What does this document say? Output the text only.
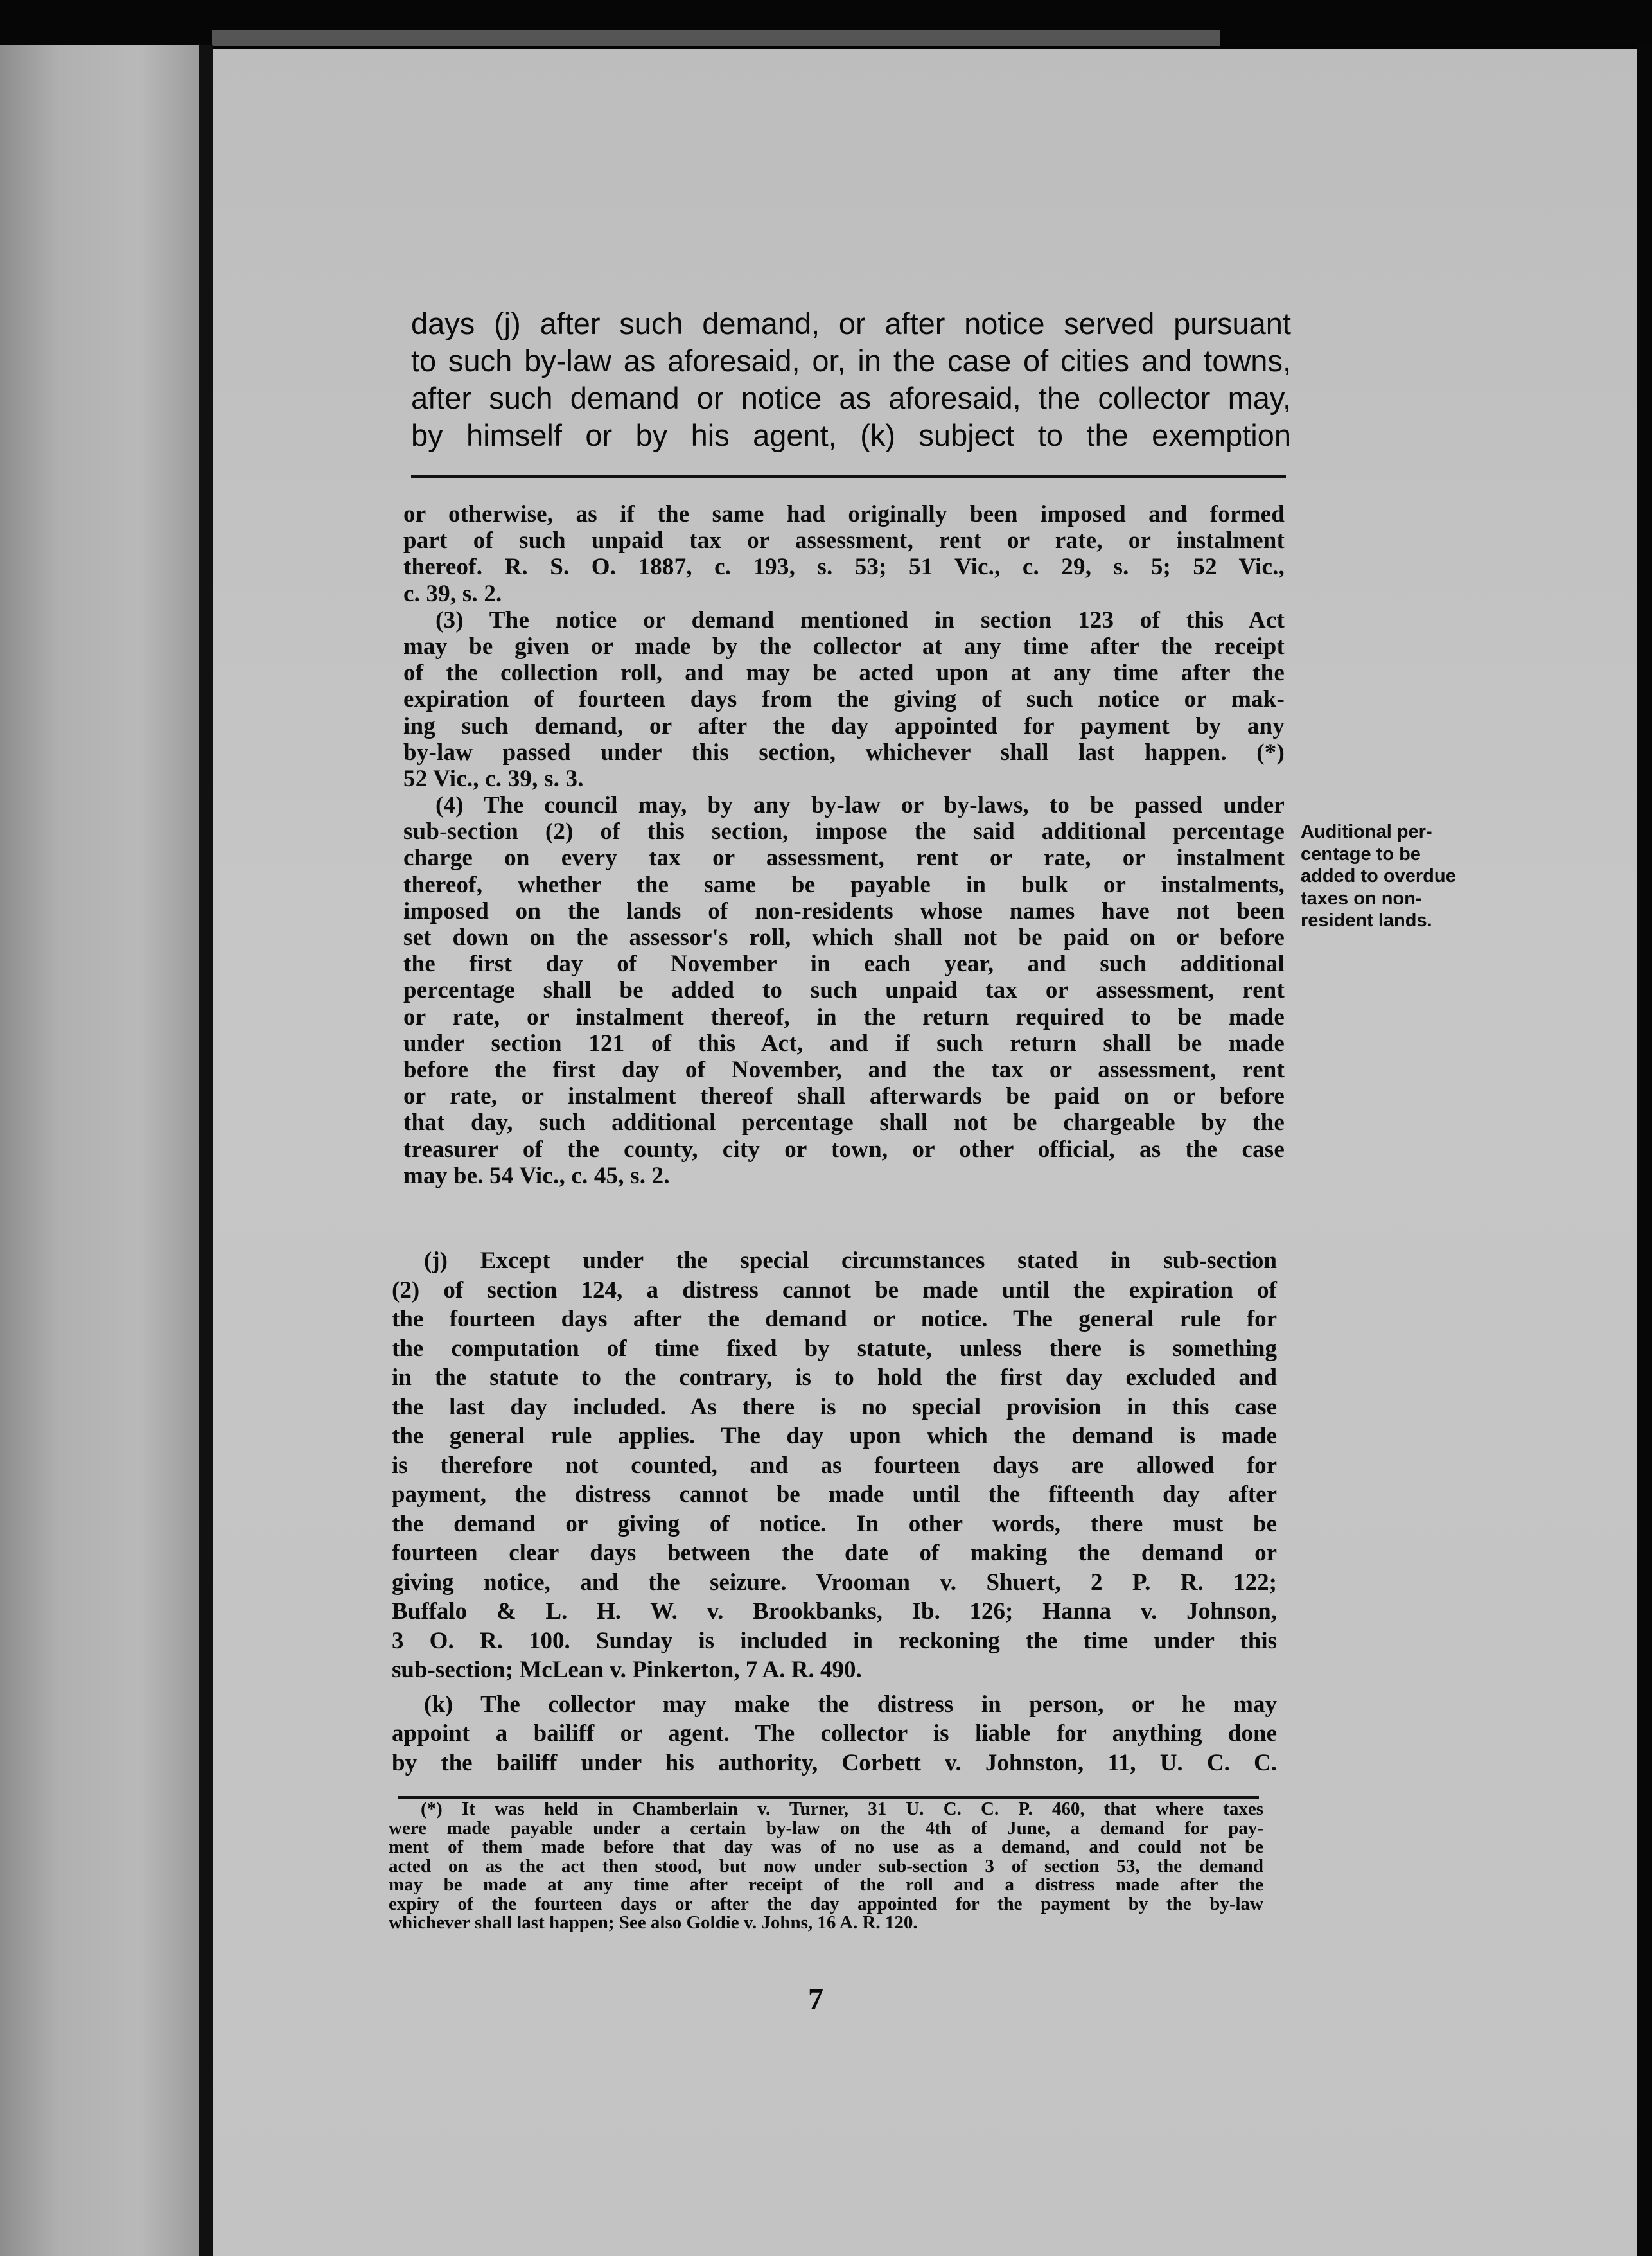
days (j) after such demand, or after notice served pursuant
to such by-law as aforesaid, or, in the case of cities and towns,
after such demand or notice as aforesaid, the collector may,
by himself or by his agent, (k) subject to the exemption
or otherwise, as if the same had originally been imposed and formed
part of such unpaid tax or assessment, rent or rate, or instalment
thereof. R. S. O. 1887, c. 193, s. 53; 51 Vic., c. 29, s. 5; 52 Vic.,
c. 39, s. 2.
(3) The notice or demand mentioned in section 123 of this Act
may be given or made by the collector at any time after the receipt
of the collection roll, and may be acted upon at any time after the
expiration of fourteen days from the giving of such notice or mak-
ing such demand, or after the day appointed for payment by any
by-law passed under this section, whichever shall last happen. (*)
52 Vic., c. 39, s. 3.
(4) The council may, by any by-law or by-laws, to be passed under
sub-section (2) of this section, impose the said additional percentage
charge on every tax or assessment, rent or rate, or instalment
thereof, whether the same be payable in bulk or instalments,
imposed on the lands of non-residents whose names have not been
set down on the assessor's roll, which shall not be paid on or before
the first day of November in each year, and such additional
percentage shall be added to such unpaid tax or assessment, rent
or rate, or instalment thereof, in the return required to be made
under section 121 of this Act, and if such return shall be made
before the first day of November, and the tax or assessment, rent
or rate, or instalment thereof shall afterwards be paid on or before
that day, such additional percentage shall not be chargeable by the
treasurer of the county, city or town, or other official, as the case
may be. 54 Vic., c. 45, s. 2.
Auditional per-
centage to be
added to overdue
taxes on non-
resident lands.
(j) Except under the special circumstances stated in sub-section
(2) of section 124, a distress cannot be made until the expiration of
the fourteen days after the demand or notice. The general rule for
the computation of time fixed by statute, unless there is something
in the statute to the contrary, is to hold the first day excluded and
the last day included. As there is no special provision in this case
the general rule applies. The day upon which the demand is made
is therefore not counted, and as fourteen days are allowed for
payment, the distress cannot be made until the fifteenth day after
the demand or giving of notice. In other words, there must be
fourteen clear days between the date of making the demand or
giving notice, and the seizure. Vrooman v. Shuert, 2 P. R. 122;
Buffalo & L. H. W. v. Brookbanks, Ib. 126; Hanna v. Johnson,
3 O. R. 100. Sunday is included in reckoning the time under this
sub-section; McLean v. Pinkerton, 7 A. R. 490.
(k) The collector may make the distress in person, or he may
appoint a bailiff or agent. The collector is liable for anything done
by the bailiff under his authority, Corbett v. Johnston, 11, U. C. C.
(*) It was held in Chamberlain v. Turner, 31 U. C. C. P. 460, that where taxes
were made payable under a certain by-law on the 4th of June, a demand for pay-
ment of them made before that day was of no use as a demand, and could not be
acted on as the act then stood, but now under sub-section 3 of section 53, the demand
may be made at any time after receipt of the roll and a distress made after the
expiry of the fourteen days or after the day appointed for the payment by the by-law
whichever shall last happen; See also Goldie v. Johns, 16 A. R. 120.
7
